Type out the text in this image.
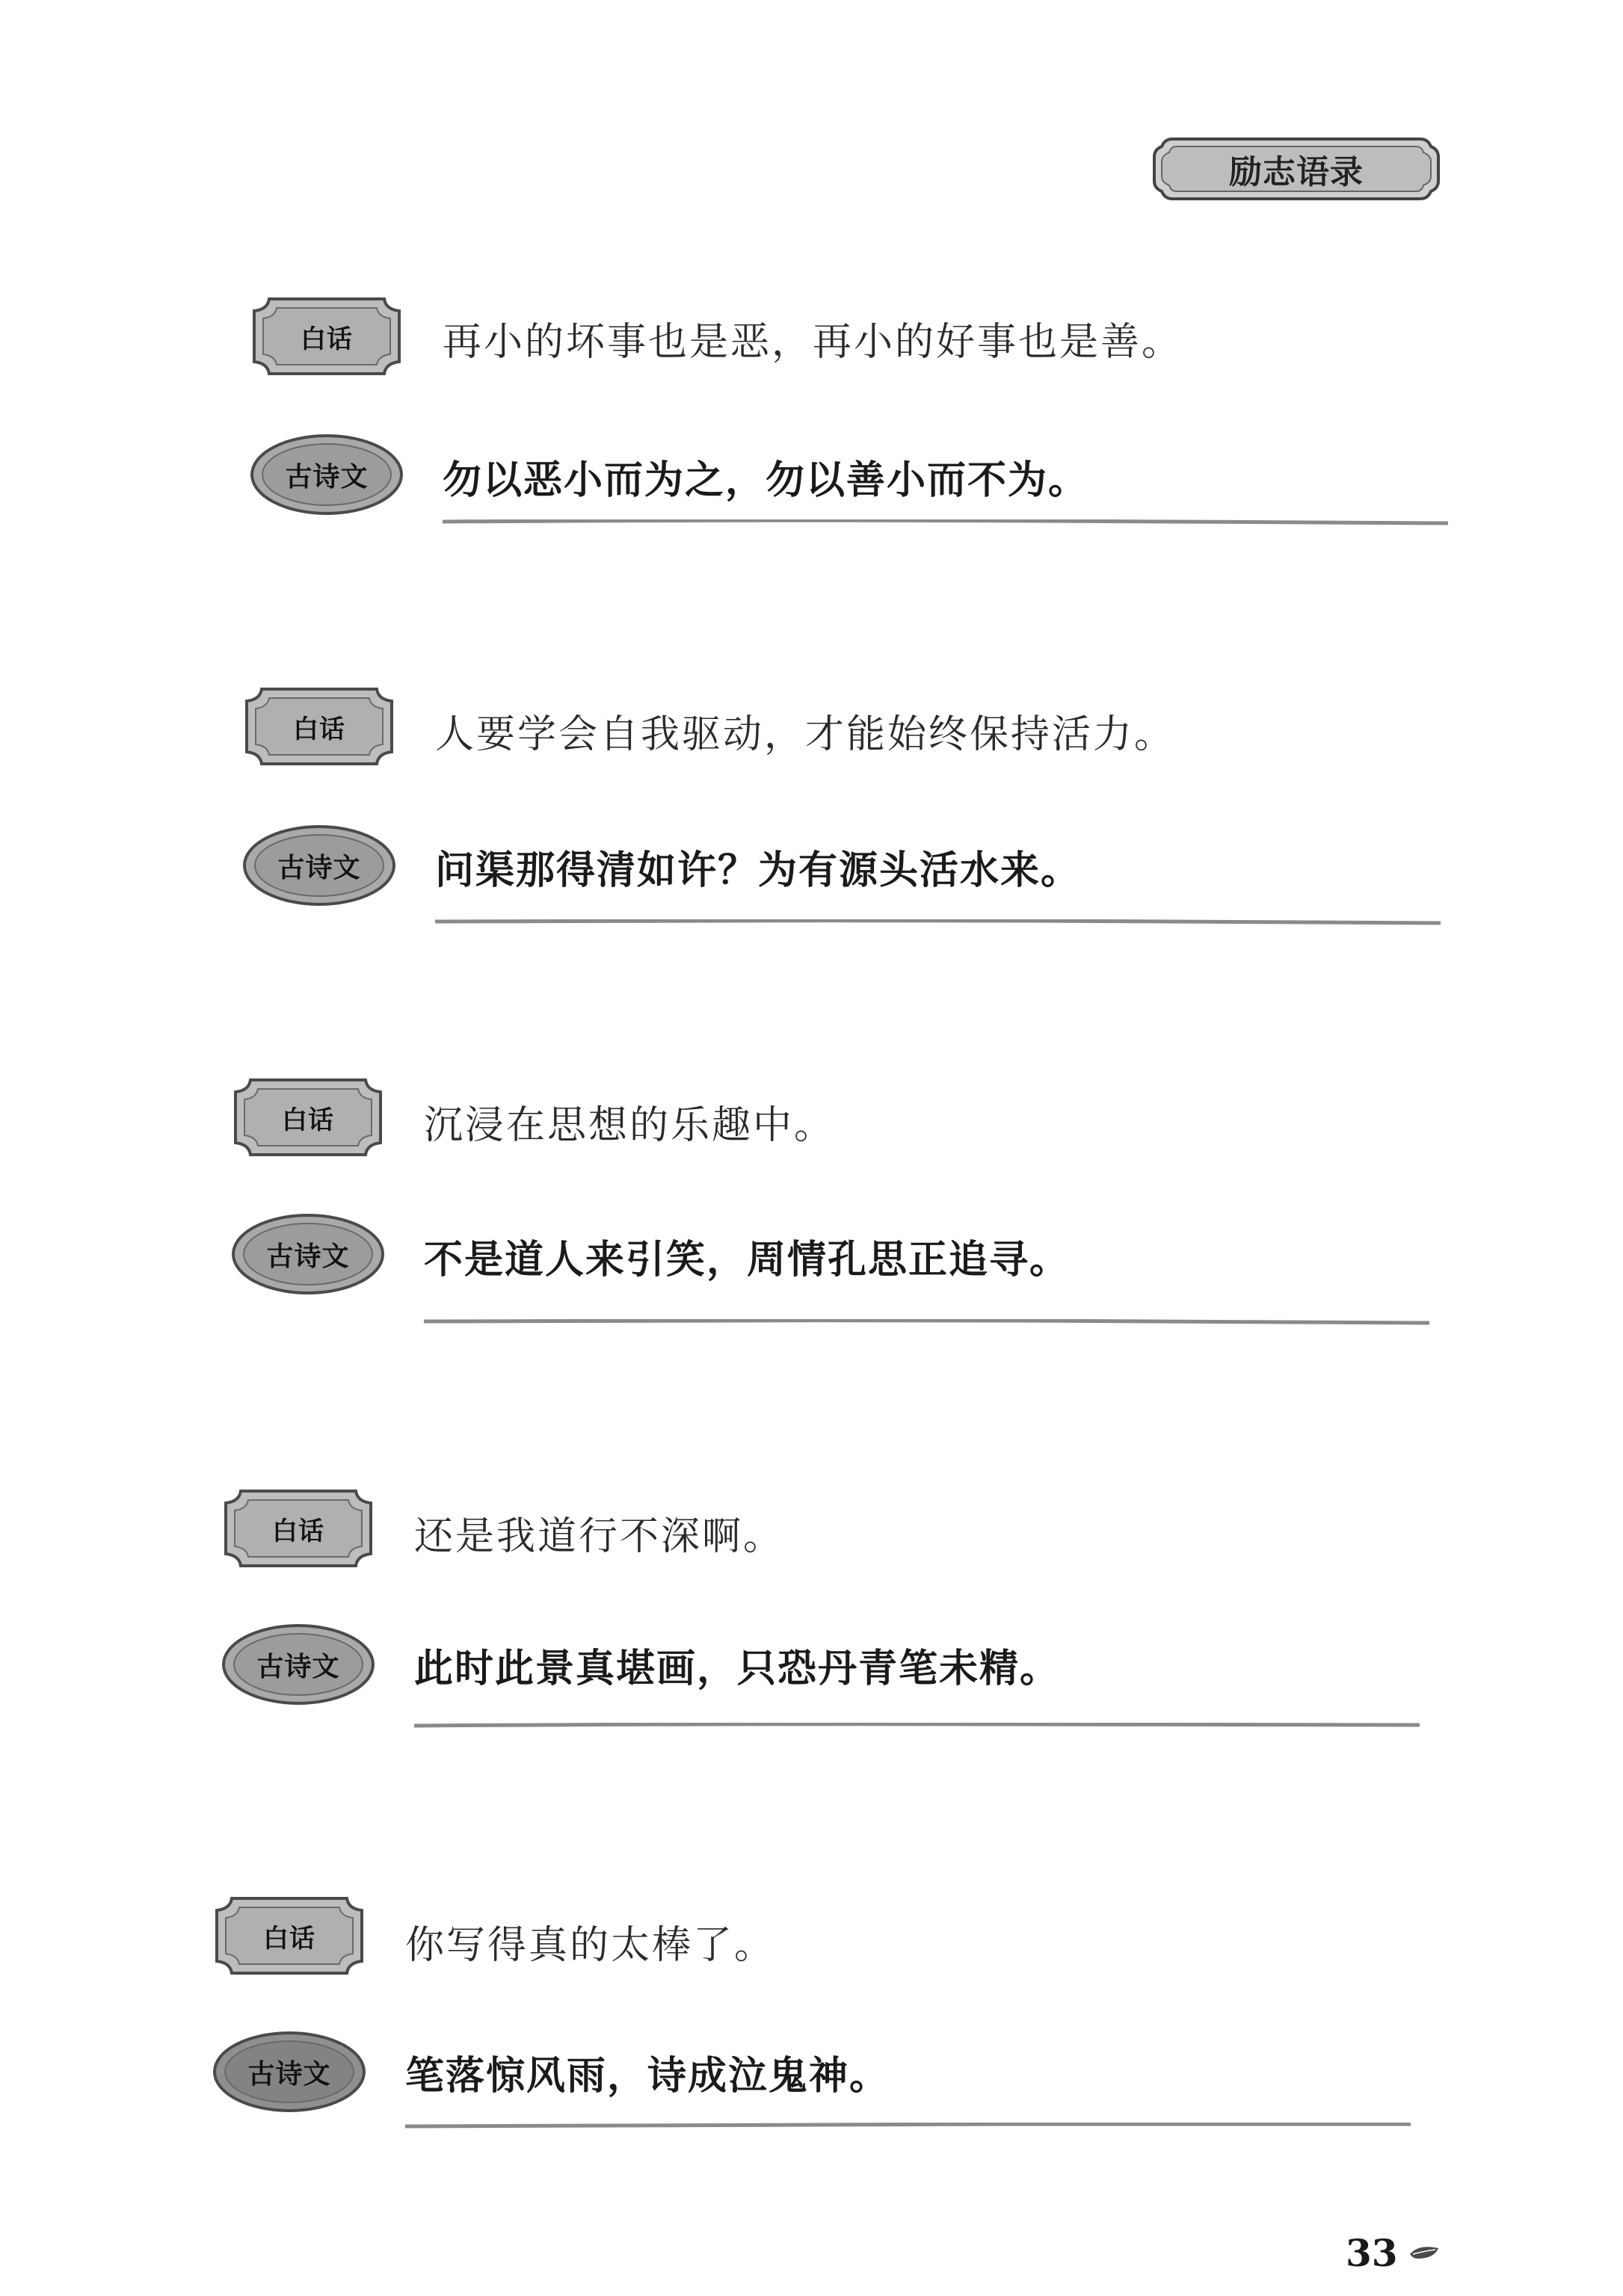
励志语录
白话	再小的坏事也是恶，再小的好事也是善。
古诗文	勿以恶小而为之，勿以善小而不为。
白话	人要学会自我驱动，才能始终保持活力。
古诗文	问渠那得清如许？为有源头活水来。
白话	沉浸在思想的乐趣中。
古诗文	不是道人来引笑，周情孔思正追寻。
白话	还是我道行不深啊。
古诗文	此时此景真堪画，只恐丹青笔未精。
白话	你写得真的太棒了。
古诗文	笔落惊风雨，诗成泣鬼神。
33
